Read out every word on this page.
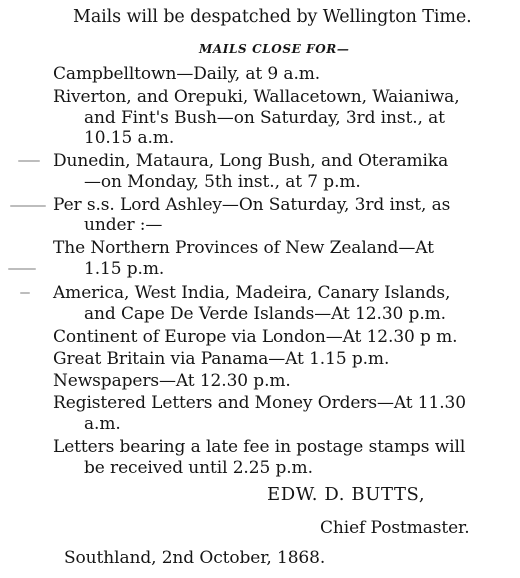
Mails will be despatched by Wellington Time.
MAILS CLOSE FOR—
Campbelltown—Daily, at 9 a.m.
Riverton, and Orepuki, Wallacetown, Waianiwa,
and Fint's Bush—on Saturday, 3rd inst., at
10.15 a.m.
Dunedin, Mataura, Long Bush, and Oteramika
—on Monday, 5th inst., at 7 p.m.
Per s.s. Lord Ashley—On Saturday, 3rd inst, as
under :—
The Northern Provinces of New Zealand—At
1.15 p.m.
America, West India, Madeira, Canary Islands,
and Cape De Verde Islands—At 12.30 p.m.
Continent of Europe via London—At 12.30 p m.
Great Britain via Panama—At 1.15 p.m.
Newspapers—At 12.30 p.m.
Registered Letters and Money Orders—At 11.30
a.m.
Letters bearing a late fee in postage stamps will
be received until 2.25 p.m.
EDW. D. BUTTS,
Chief Postmaster.
Southland, 2nd October, 1868.
